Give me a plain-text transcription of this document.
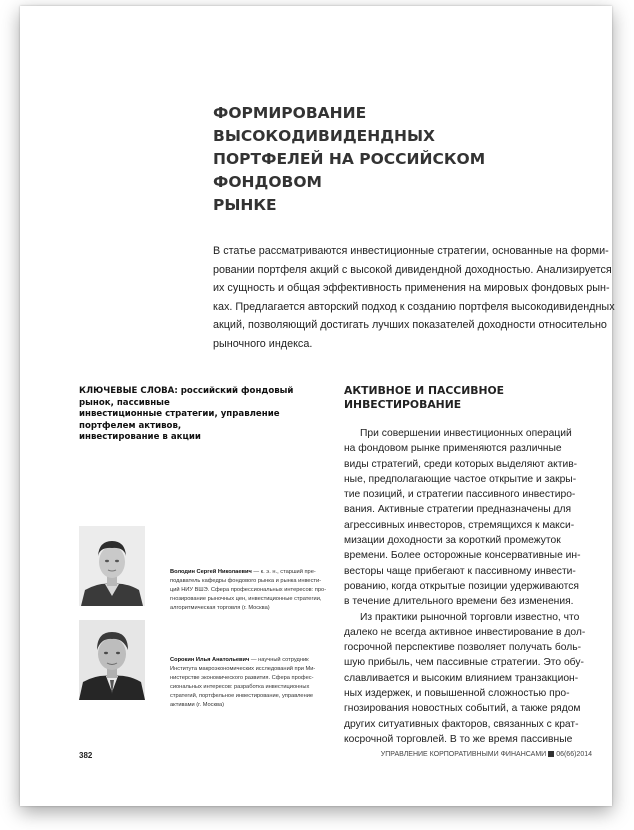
ФОРМИРОВАНИЕ ВЫСОКОДИВИДЕНДНЫХ
ПОРТФЕЛЕЙ НА РОССИЙСКОМ ФОНДОВОМ
РЫНКЕ
В статье рассматриваются инвестиционные стратегии, основанные на форми-
ровании портфеля акций с высокой дивидендной доходностью. Анализируется
их сущность и общая эффективность применения на мировых фондовых рын-
ках. Предлагается авторский подход к созданию портфеля высокодивидендных
акций, позволяющий достигать лучших показателей доходности относительно
рыночного индекса.
КЛЮЧЕВЫЕ СЛОВА: российский фондовый рынок, пассивные
инвестиционные стратегии, управление портфелем активов,
инвестирование в акции
Володин Сергей Николаевич — к. э. н., старший пре-
подаватель кафедры фондового рынка и рынка инвести-
ций НИУ ВШЭ. Сфера профессиональных интересов: про-
гнозирование рыночных цен, инвестиционные стратегии,
алгоритмическая торговля (г. Москва)
Сорокин Илья Анатольевич — научный сотрудник
Института макроэкономических исследований при Ми-
нистерстве экономического развития. Сфера профес-
сиональных интересов: разработка инвестиционных
стратегий, портфельное инвестирование, управление
активами (г. Москва)
АКТИВНОЕ И ПАССИВНОЕ
ИНВЕСТИРОВАНИЕ
При совершении инвестиционных операций
на фондовом рынке применяются различные
виды стратегий, среди которых выделяют актив-
ные, предполагающие частое открытие и закры-
тие позиций, и стратегии пассивного инвестиро-
вания. Активные стратегии предназначены для
агрессивных инвесторов, стремящихся к макси-
мизации доходности за короткий промежуток
времени. Более осторожные консервативные ин-
весторы чаще прибегают к пассивному инвести-
рованию, когда открытые позиции удерживаются
в течение длительного времени без изменения.
Из практики рыночной торговли известно, что
далеко не всегда активное инвестирование в дол-
госрочной перспективе позволяет получать боль-
шую прибыль, чем пассивные стратегии. Это обу-
славливается и высоким влиянием транзакцион-
ных издержек, и повышенной сложностью про-
гнозирования новостных событий, а также рядом
других ситуативных факторов, связанных с крат-
косрочной торговлей. В то же время пассивные
382	УПРАВЛЕНИЕ КОРПОРАТИВНЫМИ ФИНАНСАМИ 06(66)2014
